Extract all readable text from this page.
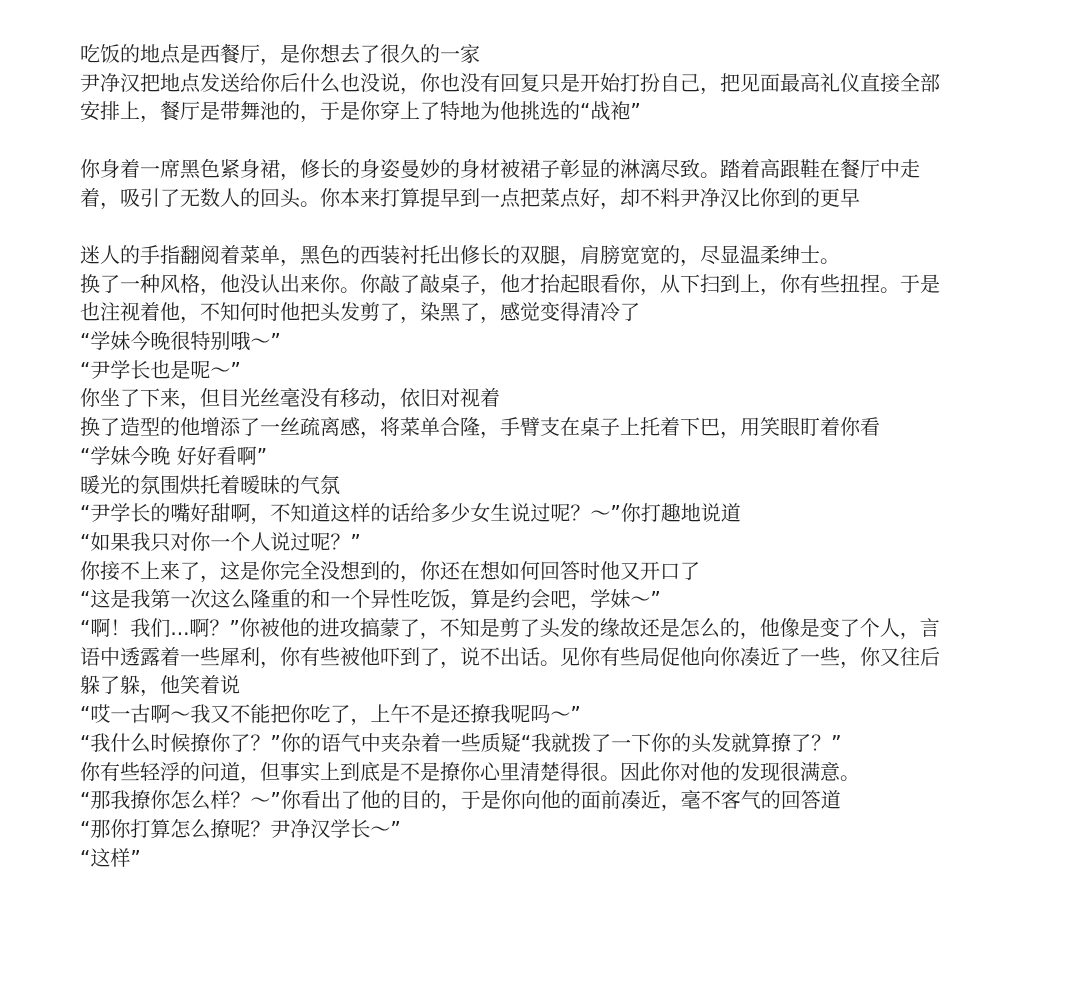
吃饭的地点是西餐厅，是你想去了很久的一家
尹净汉把地点发送给你后什么也没说，你也没有回复只是开始打扮自己，把见面最高礼仪直接全部
安排上，餐厅是带舞池的，于是你穿上了特地为他挑选的“战袍”
你身着一席黑色紧身裙，修长的身姿曼妙的身材被裙子彰显的淋漓尽致。踏着高跟鞋在餐厅中走
着，吸引了无数人的回头。你本来打算提早到一点把菜点好，却不料尹净汉比你到的更早
迷人的手指翻阅着菜单，黑色的西装衬托出修长的双腿，肩膀宽宽的，尽显温柔绅士。
换了一种风格，他没认出来你。你敲了敲桌子，他才抬起眼看你，从下扫到上，你有些扭捏。于是
也注视着他，不知何时他把头发剪了，染黑了，感觉变得清冷了
“学妹今晚很特别哦～”
“尹学长也是呢～”
你坐了下来，但目光丝毫没有移动，依旧对视着
换了造型的他增添了一丝疏离感，将菜单合隆，手臂支在桌子上托着下巴，用笑眼盯着你看
“学妹今晚 好好看啊”
暖光的氛围烘托着暧昧的气氛
“尹学长的嘴好甜啊，不知道这样的话给多少女生说过呢？～”你打趣地说道
“如果我只对你一个人说过呢？”
你接不上来了，这是你完全没想到的，你还在想如何回答时他又开口了
“这是我第一次这么隆重的和一个异性吃饭，算是约会吧，学妹～”
“啊！我们...啊？”你被他的进攻搞蒙了，不知是剪了头发的缘故还是怎么的，他像是变了个人，言
语中透露着一些犀利，你有些被他吓到了，说不出话。见你有些局促他向你凑近了一些，你又往后
躲了躲，他笑着说
“哎一古啊～我又不能把你吃了，上午不是还撩我呢吗～”
“我什么时候撩你了？”你的语气中夹杂着一些质疑“我就拨了一下你的头发就算撩了？”
你有些轻浮的问道，但事实上到底是不是撩你心里清楚得很。因此你对他的发现很满意。
“那我撩你怎么样？～”你看出了他的目的，于是你向他的面前凑近，毫不客气的回答道
“那你打算怎么撩呢？尹净汉学长～”
“这样”
